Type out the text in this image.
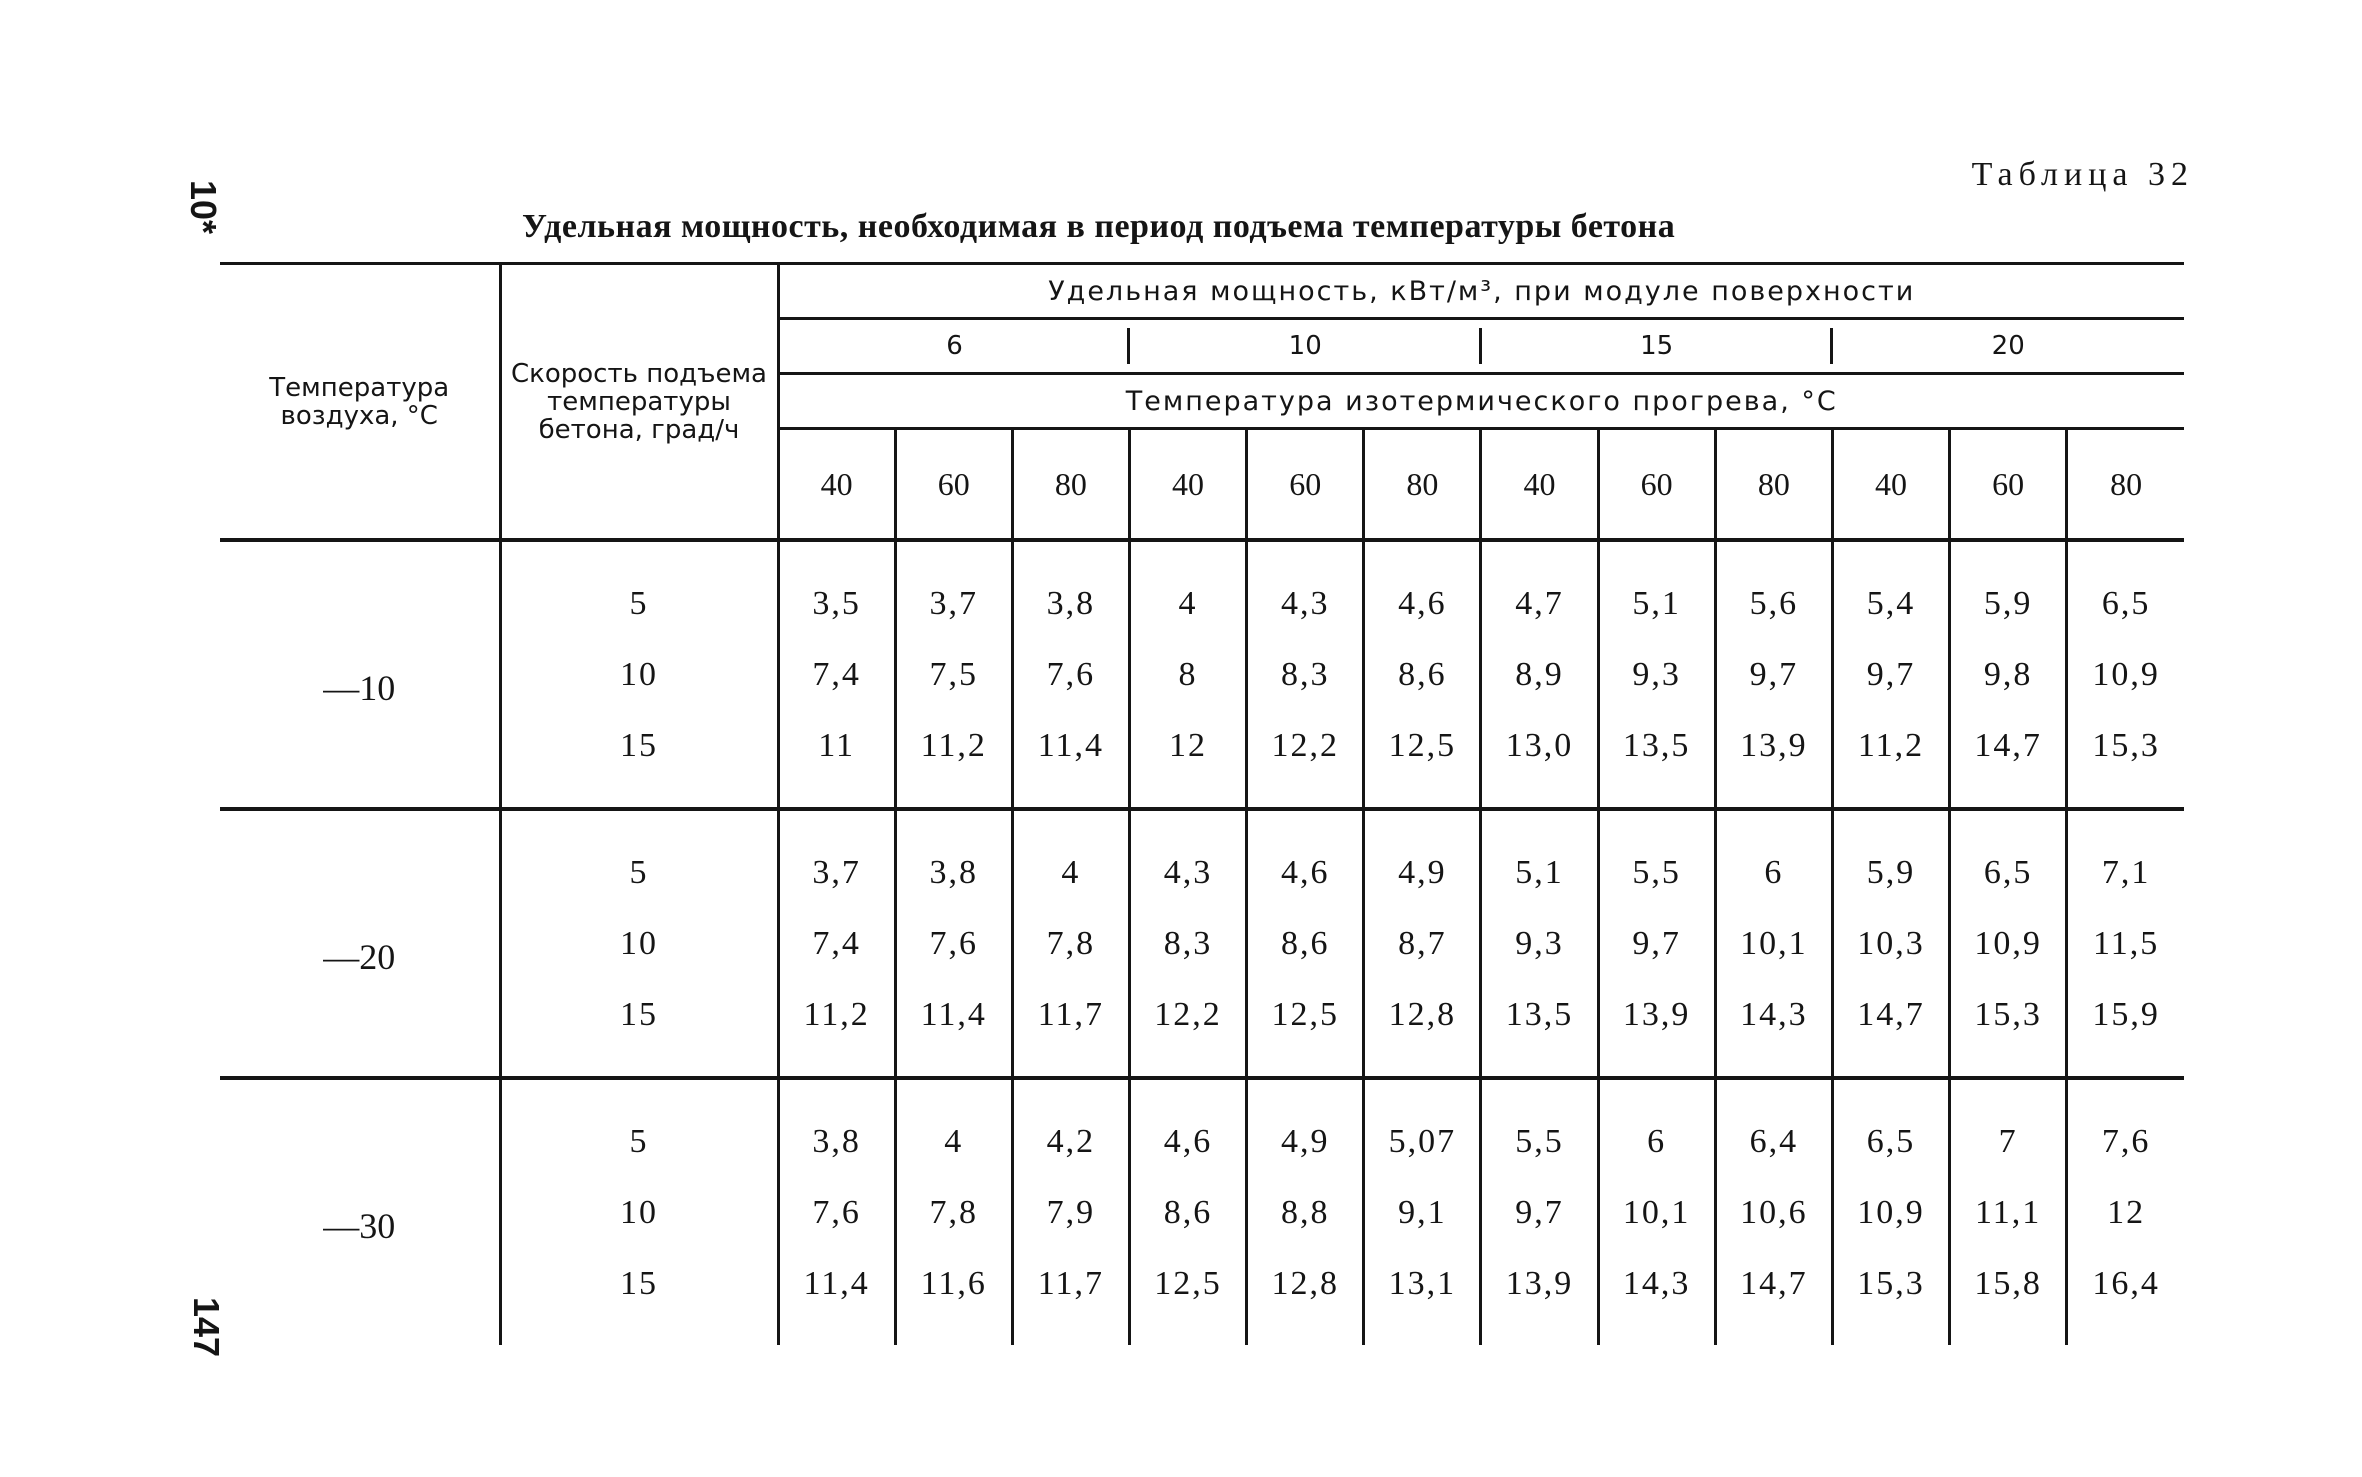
10*
147
Таблица 32
Удельная мощность, необходимая в период подъема температуры бетона
Температура воздуха, °С	Скорость подъема температуры бетона, град/ч	Удельная мощность, кВт/м³, при модуле поверхности											
		6			10			15			20		
		Температура изотермического прогрева, °С											
		40	60	80	40	60	80	40	60	80	40	60	80

—10	5	3,5	3,7	3,8	4	4,3	4,6	4,7	5,1	5,6	5,4	5,9	6,5
	10	7,4	7,5	7,6	8	8,3	8,6	8,9	9,3	9,7	9,7	9,8	10,9
	15	11	11,2	11,4	12	12,2	12,5	13,0	13,5	13,9	11,2	14,7	15,3

—20	5	3,7	3,8	4	4,3	4,6	4,9	5,1	5,5	6	5,9	6,5	7,1
	10	7,4	7,6	7,8	8,3	8,6	8,7	9,3	9,7	10,1	10,3	10,9	11,5
	15	11,2	11,4	11,7	12,2	12,5	12,8	13,5	13,9	14,3	14,7	15,3	15,9

—30	5	3,8	4	4,2	4,6	4,9	5,07	5,5	6	6,4	6,5	7	7,6
	10	7,6	7,8	7,9	8,6	8,8	9,1	9,7	10,1	10,6	10,9	11,1	12
	15	11,4	11,6	11,7	12,5	12,8	13,1	13,9	14,3	14,7	15,3	15,8	16,4
